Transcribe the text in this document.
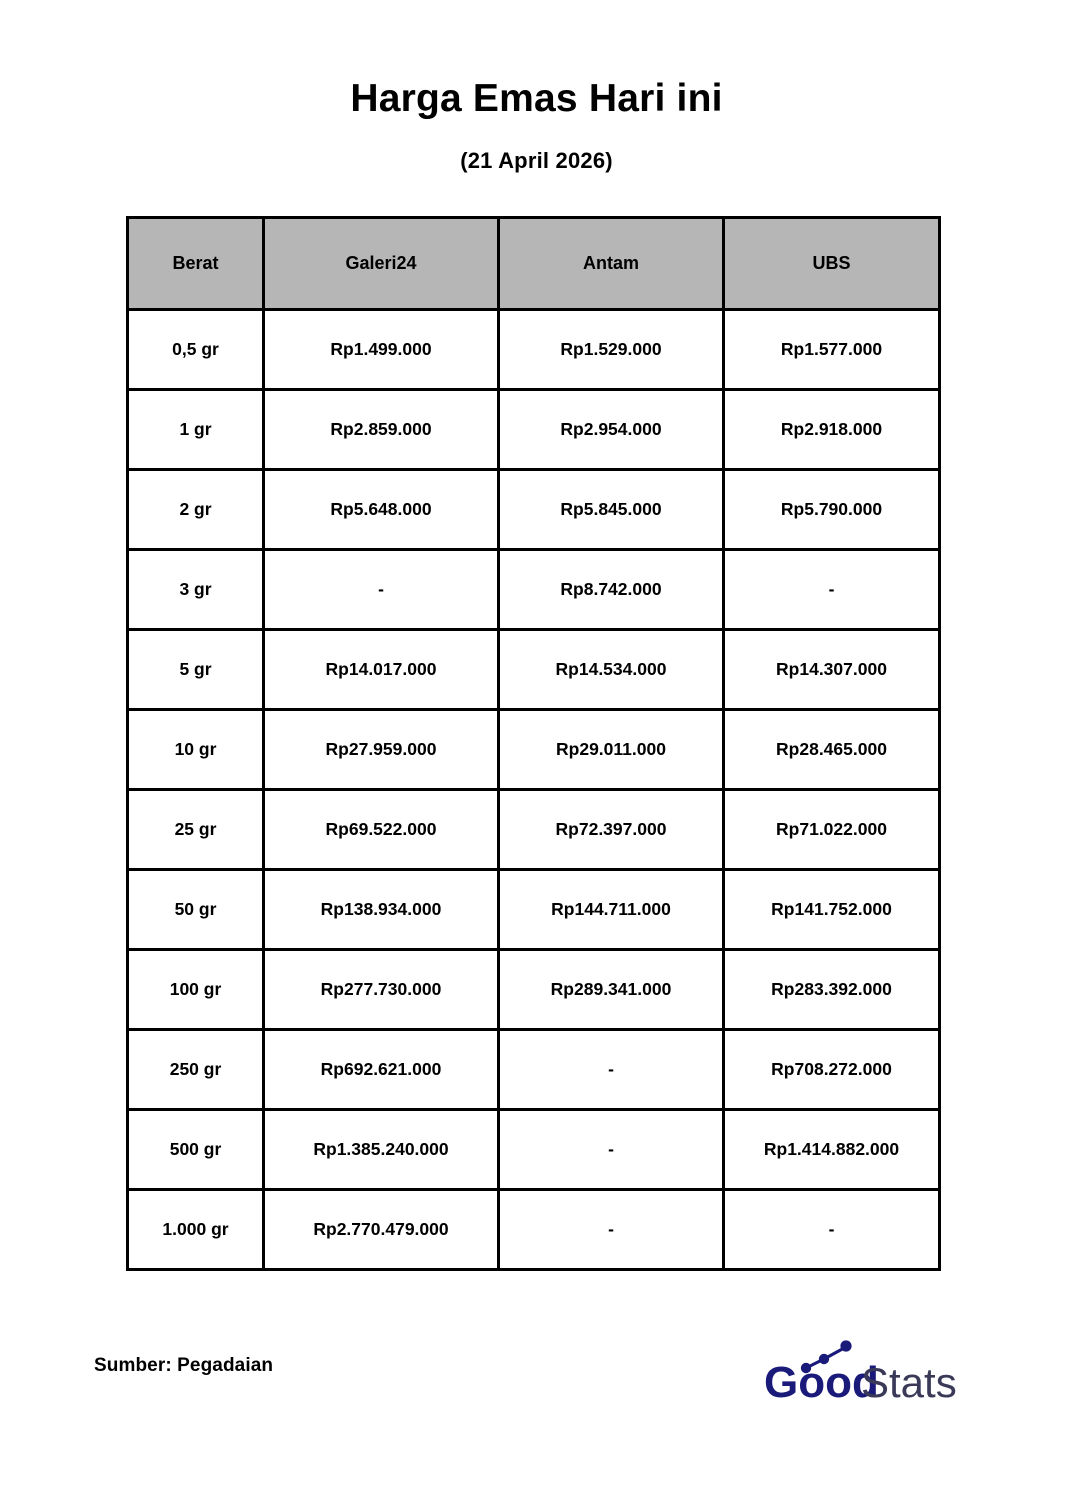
Harga Emas Hari ini

(21 April 2026)

Berat	Galeri24	Antam	UBS
0,5 gr	Rp1.499.000	Rp1.529.000	Rp1.577.000
1 gr	Rp2.859.000	Rp2.954.000	Rp2.918.000
2 gr	Rp5.648.000	Rp5.845.000	Rp5.790.000
3 gr	-	Rp8.742.000	-
5 gr	Rp14.017.000	Rp14.534.000	Rp14.307.000
10 gr	Rp27.959.000	Rp29.011.000	Rp28.465.000
25 gr	Rp69.522.000	Rp72.397.000	Rp71.022.000
50 gr	Rp138.934.000	Rp144.711.000	Rp141.752.000
100 gr	Rp277.730.000	Rp289.341.000	Rp283.392.000
250 gr	Rp692.621.000	-	Rp708.272.000
500 gr	Rp1.385.240.000	-	Rp1.414.882.000
1.000 gr	Rp2.770.479.000	-	-
Sumber: Pegadaian	Good
Stats
